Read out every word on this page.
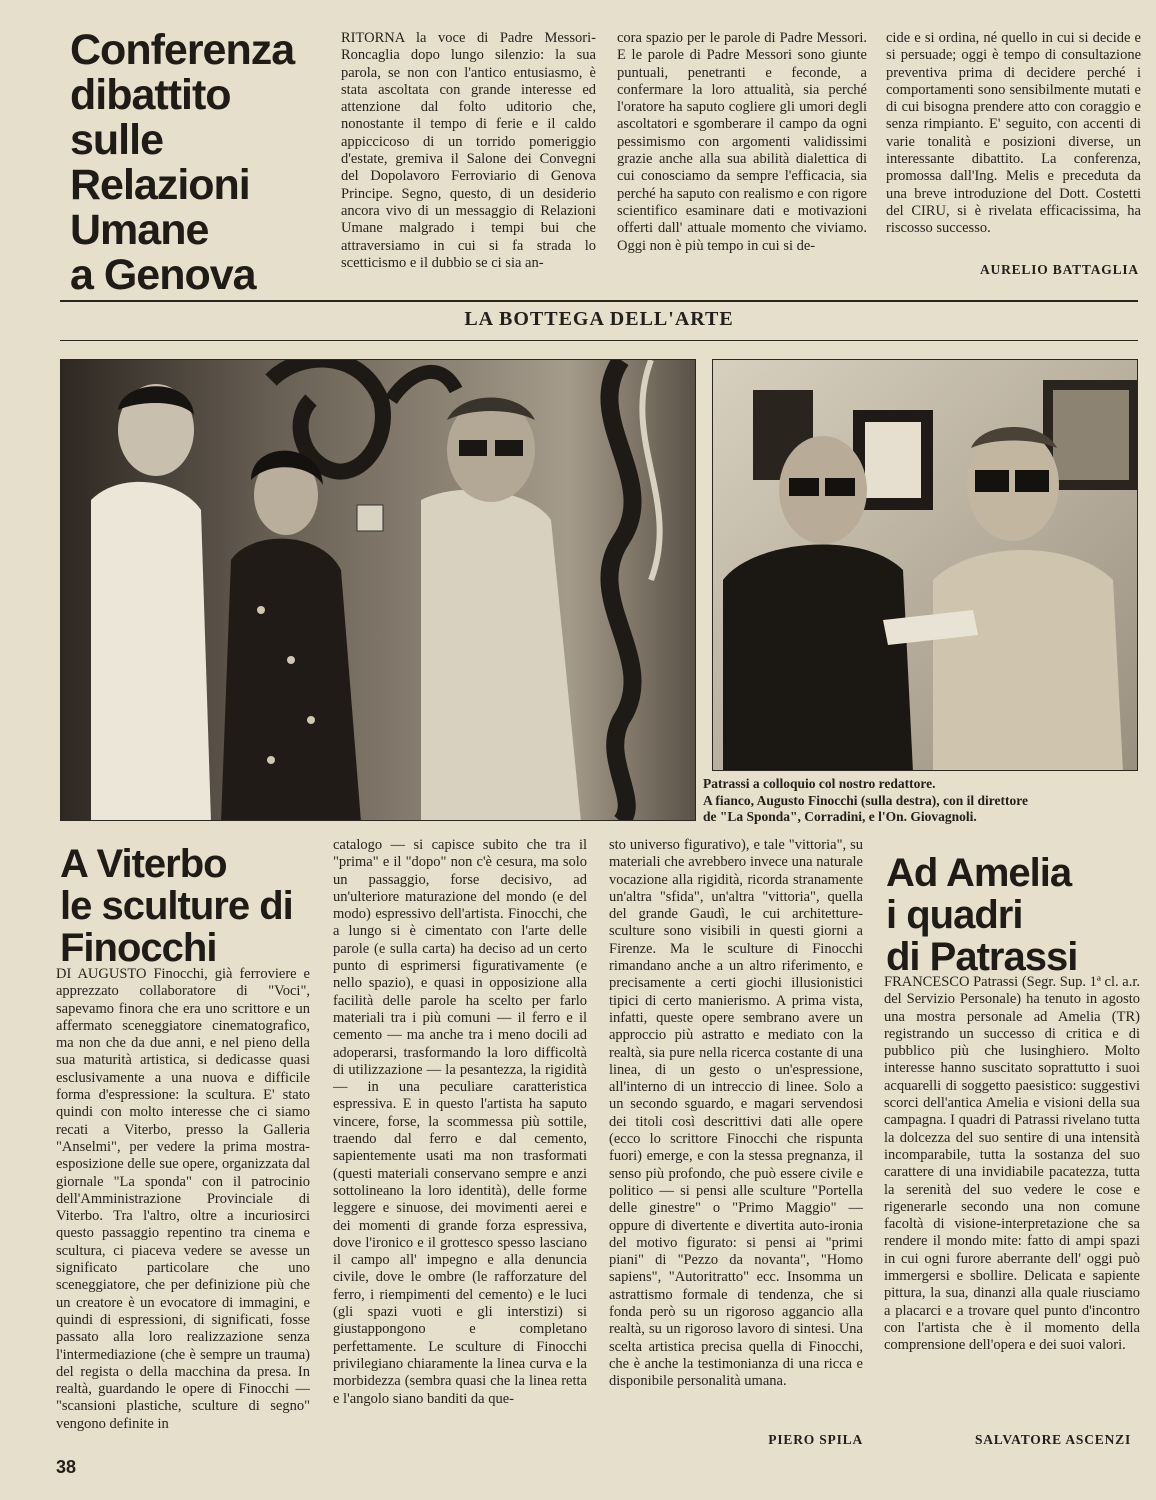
Conferenza
dibattito
sulle
Relazioni
Umane
a Genova

RITORNA la voce di Padre Messori-Roncaglia dopo lungo silenzio: la sua parola, se non con l'antico entusiasmo, è stata ascoltata con grande interesse ed attenzione dal folto uditorio che, nonostante il tempo di ferie e il caldo appiccicoso di un torrido pomeriggio d'estate, gremiva il Salone dei Convegni del Dopolavoro Ferroviario di Genova Principe. Segno, questo, di un desiderio ancora vivo di un messaggio di Relazioni Umane malgrado i tempi bui che attraversiamo in cui si fa strada lo scetticismo e il dubbio se ci sia an-

cora spazio per le parole di Padre Messori. E le parole di Padre Messori sono giunte puntuali, penetranti e feconde, a confermare la loro attualità, sia perché l'oratore ha saputo cogliere gli umori degli ascoltatori e sgomberare il campo da ogni pessimismo con argomenti validissimi grazie anche alla sua abilità dialettica di cui conosciamo da sempre l'efficacia, sia perché ha saputo con realismo e con rigore scientifico esaminare dati e motivazioni offerti dall' attuale momento che viviamo. Oggi non è più tempo in cui si de-

cide e si ordina, né quello in cui si decide e si persuade; oggi è tempo di consultazione preventiva prima di decidere perché i comportamenti sono sensibilmente mutati e di cui bisogna prendere atto con coraggio e senza rimpianto. E' seguito, con accenti di varie tonalità e posizioni diverse, un interessante dibattito. La conferenza, promossa dall'Ing. Melis e preceduta da una breve introduzione del Dott. Costetti del CIRU, si è rivelata efficacissima, ha riscosso successo.

AURELIO BATTAGLIA
LA BOTTEGA DELL'ARTE
Patrassi a colloquio col nostro redattore.
A fianco, Augusto Finocchi (sulla destra), con il direttore
de "La Sponda", Corradini, e l'On. Giovagnoli.
A Viterbo
le sculture di
Finocchi

DI AUGUSTO Finocchi, già ferroviere e apprezzato collaboratore di "Voci", sapevamo finora che era uno scrittore e un affermato sceneggiatore cinematografico, ma non che da due anni, e nel pieno della sua maturità artistica, si dedicasse quasi esclusivamente a una nuova e difficile forma d'espressione: la scultura. E' stato quindi con molto interesse che ci siamo recati a Viterbo, presso la Galleria "Anselmi", per vedere la prima mostra-esposizione delle sue opere, organizzata dal giornale "La sponda" con il patrocinio dell'Amministrazione Provinciale di Viterbo. Tra l'altro, oltre a incuriosirci questo passaggio repentino tra cinema e scultura, ci piaceva vedere se avesse un significato particolare che uno sceneggiatore, che per definizione più che un creatore è un evocatore di immagini, e quindi di espressioni, di significati, fosse passato alla loro realizzazione senza l'intermediazione (che è sempre un trauma) del regista o della macchina da presa. In realtà, guardando le opere di Finocchi — "scansioni plastiche, sculture di segno" vengono definite in

catalogo — si capisce subito che tra il "prima" e il "dopo" non c'è cesura, ma solo un passaggio, forse decisivo, ad un'ulteriore maturazione del mondo (e del modo) espressivo dell'artista. Finocchi, che a lungo si è cimentato con l'arte delle parole (e sulla carta) ha deciso ad un certo punto di esprimersi figurativamente (e nello spazio), e quasi in opposizione alla facilità delle parole ha scelto per farlo materiali tra i più comuni — il ferro e il cemento — ma anche tra i meno docili ad adoperarsi, trasformando la loro difficoltà di utilizzazione — la pesantezza, la rigidità — in una peculiare caratteristica espressiva. E in questo l'artista ha saputo vincere, forse, la scommessa più sottile, traendo dal ferro e dal cemento, sapientemente usati ma non trasformati (questi materiali conservano sempre e anzi sottolineano la loro identità), delle forme leggere e sinuose, dei movimenti aerei e dei momenti di grande forza espressiva, dove l'ironico e il grottesco spesso lasciano il campo all' impegno e alla denuncia civile, dove le ombre (le rafforzature del ferro, i riempimenti del cemento) e le luci (gli spazi vuoti e gli interstizi) si giustappongono e completano perfettamente. Le sculture di Finocchi privilegiano chiaramente la linea curva e la morbidezza (sembra quasi che la linea retta e l'angolo siano banditi da que-

sto universo figurativo), e tale "vittoria", su materiali che avrebbero invece una naturale vocazione alla rigidità, ricorda stranamente un'altra "sfida", un'altra "vittoria", quella del grande Gaudì, le cui architetture-sculture sono visibili in questi giorni a Firenze. Ma le sculture di Finocchi rimandano anche a un altro riferimento, e precisamente a certi giochi illusionistici tipici di certo manierismo. A prima vista, infatti, queste opere sembrano avere un approccio più astratto e mediato con la realtà, sia pure nella ricerca costante di una linea, di un gesto o un'espressione, all'interno di un intreccio di linee. Solo a un secondo sguardo, e magari servendosi dei titoli così descrittivi dati alle opere (ecco lo scrittore Finocchi che rispunta fuori) emerge, e con la stessa pregnanza, il senso più profondo, che può essere civile e politico — si pensi alle sculture "Portella delle ginestre" o "Primo Maggio" — oppure di divertente e divertita auto-ironia del motivo figurato: si pensi ai "primi piani" di "Pezzo da novanta", "Homo sapiens", "Autoritratto" ecc. Insomma un astrattismo formale di tendenza, che si fonda però su un rigoroso aggancio alla realtà, su un rigoroso lavoro di sintesi. Una scelta artistica precisa quella di Finocchi, che è anche la testimonianza di una ricca e disponibile personalità umana.

PIERO SPILA
Ad Amelia
i quadri
di Patrassi

FRANCESCO Patrassi (Segr. Sup. 1ª cl. a.r. del Servizio Personale) ha tenuto in agosto una mostra personale ad Amelia (TR) registrando un successo di critica e di pubblico più che lusinghiero. Molto interesse hanno suscitato soprattutto i suoi acquarelli di soggetto paesistico: suggestivi scorci dell'antica Amelia e visioni della sua campagna. I quadri di Patrassi rivelano tutta la dolcezza del suo sentire di una intensità incomparabile, tutta la sostanza del suo carattere di una invidiabile pacatezza, tutta la serenità del suo vedere le cose e rigenerarle secondo una non comune facoltà di visione-interpretazione che sa rendere il mondo mite: fatto di ampi spazi in cui ogni furore aberrante dell' oggi può immergersi e sbollire. Delicata e sapiente pittura, la sua, dinanzi alla quale riusciamo a placarci e a trovare quel punto d'incontro con l'artista che è il momento della comprensione dell'opera e dei suoi valori.

SALVATORE ASCENZI
38
